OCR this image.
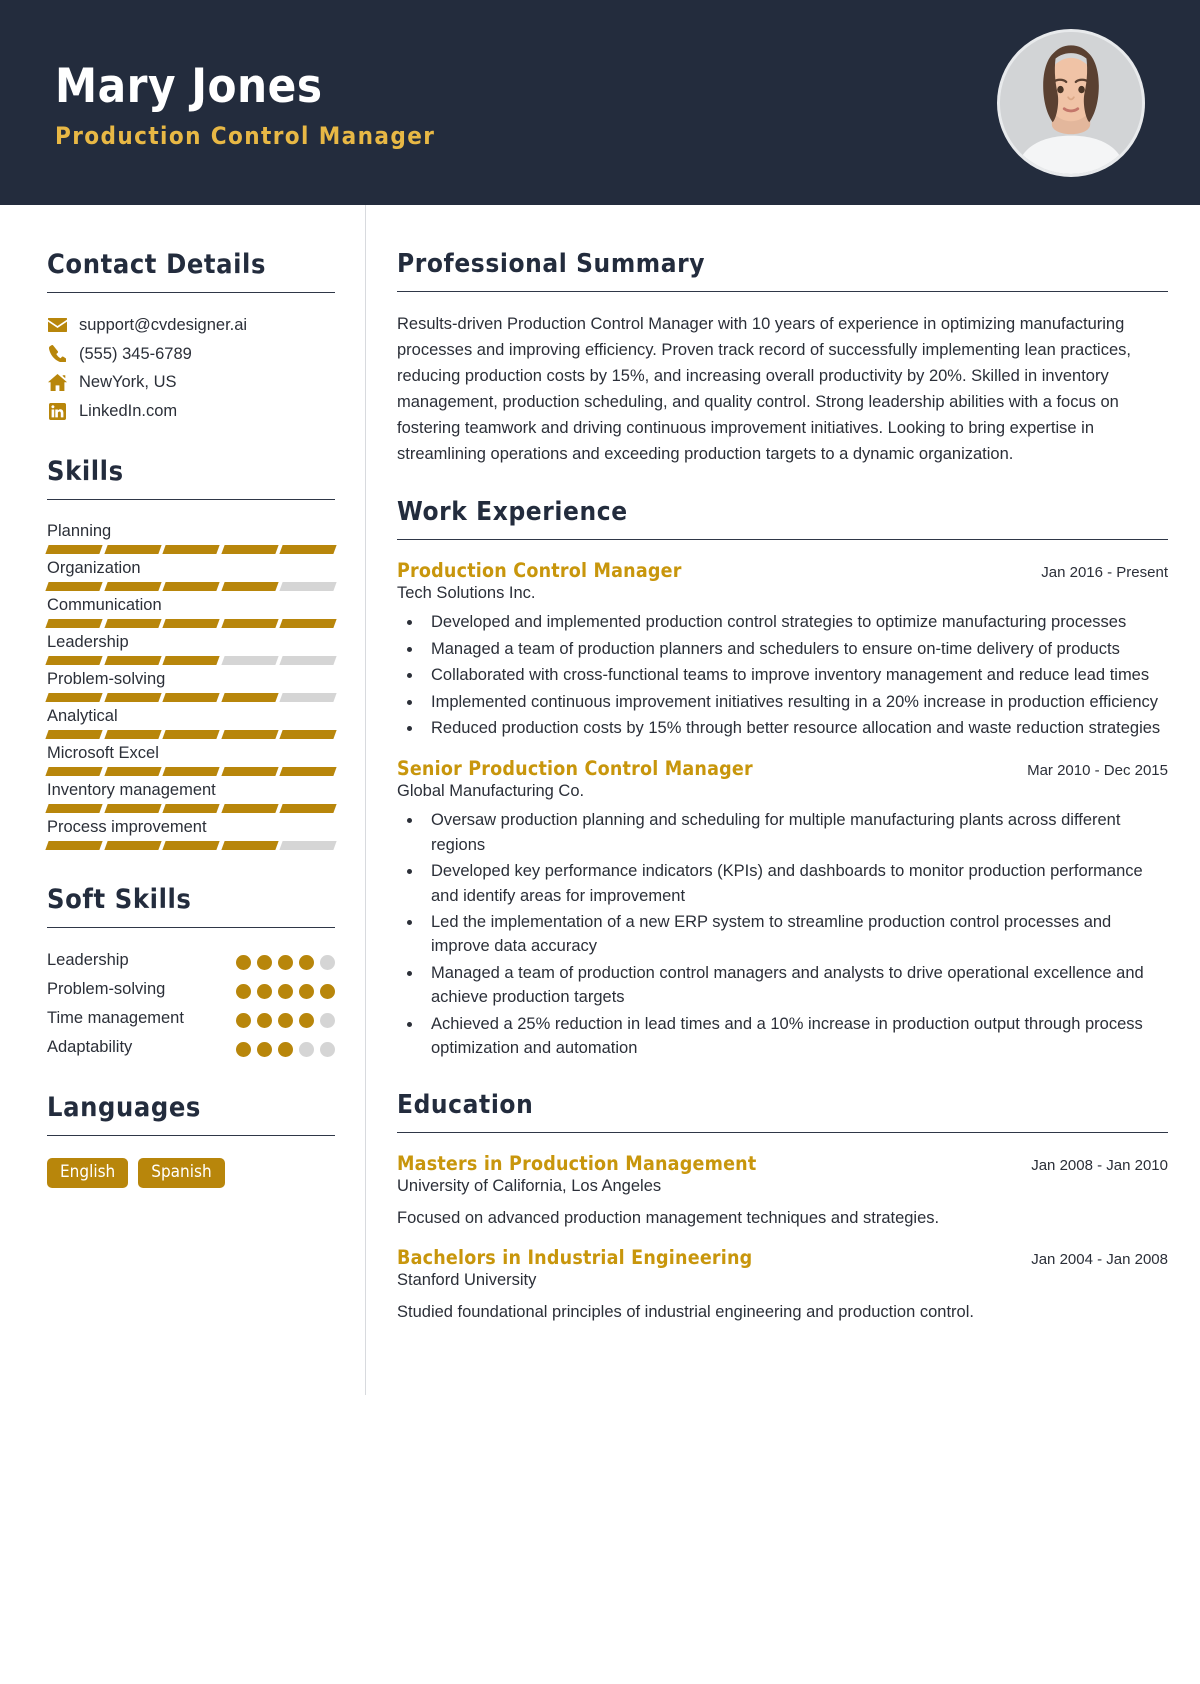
Mary Jones
Production Control Manager
Contact Details
support@cvdesigner.ai
(555) 345-6789
NewYork, US
LinkedIn.com
Skills
Planning
Organization
Communication
Leadership
Problem-solving
Analytical
Microsoft Excel
Inventory management
Process improvement
Soft Skills
Leadership
Problem-solving
Time management
Adaptability
Languages
English	Spanish
Professional Summary
Results-driven Production Control Manager with 10 years of experience in optimizing manufacturing processes and improving efficiency. Proven track record of successfully implementing lean practices, reducing production costs by 15%, and increasing overall productivity by 20%. Skilled in inventory management, production scheduling, and quality control. Strong leadership abilities with a focus on fostering teamwork and driving continuous improvement initiatives. Looking to bring expertise in streamlining operations and exceeding production targets to a dynamic organization.
Work Experience
Production Control Manager	Jan 2016 - Present
Tech Solutions Inc.
• Developed and implemented production control strategies to optimize manufacturing processes
• Managed a team of production planners and schedulers to ensure on-time delivery of products
• Collaborated with cross-functional teams to improve inventory management and reduce lead times
• Implemented continuous improvement initiatives resulting in a 20% increase in production efficiency
• Reduced production costs by 15% through better resource allocation and waste reduction strategies
Senior Production Control Manager	Mar 2010 - Dec 2015
Global Manufacturing Co.
• Oversaw production planning and scheduling for multiple manufacturing plants across different regions
• Developed key performance indicators (KPIs) and dashboards to monitor production performance and identify areas for improvement
• Led the implementation of a new ERP system to streamline production control processes and improve data accuracy
• Managed a team of production control managers and analysts to drive operational excellence and achieve production targets
• Achieved a 25% reduction in lead times and a 10% increase in production output through process optimization and automation
Education
Masters in Production Management	Jan 2008 - Jan 2010
University of California, Los Angeles
Focused on advanced production management techniques and strategies.
Bachelors in Industrial Engineering	Jan 2004 - Jan 2008
Stanford University
Studied foundational principles of industrial engineering and production control.
